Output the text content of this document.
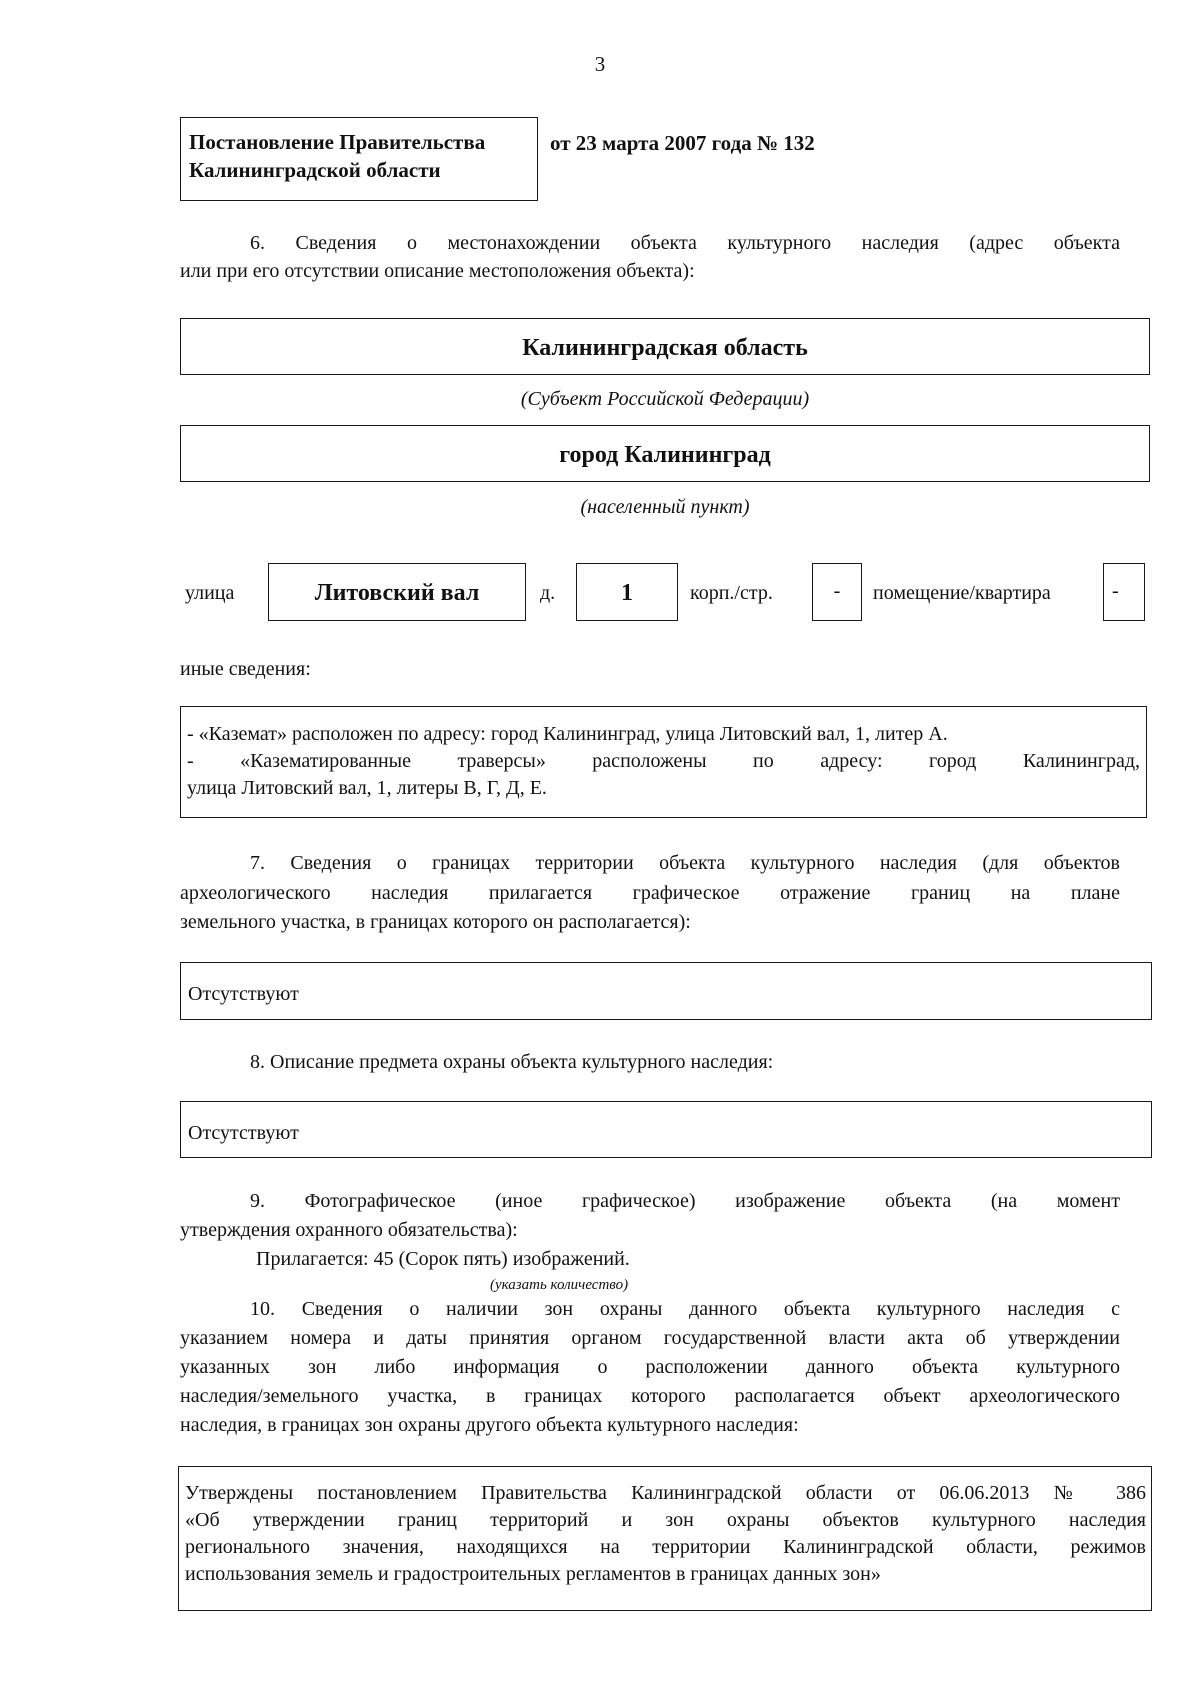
3
Постановление Правительства
Калининградской области
от 23 марта 2007 года № 132
6. Сведения о местонахождении объекта культурного наследия (адрес объекта
или при его отсутствии описание местоположения объекта):
Калининградская область
(Субъект Российской Федерации)
город Калининград
(населенный пункт)
улица	Литовский вал	д.	1	корп./стр.	-	помещение/квартира	-
иные сведения:
- «Каземат» расположен по адресу: город Калининград, улица Литовский вал, 1, литер А.
- «Казематированные траверсы» расположены по адресу: город Калининград,
улица Литовский вал, 1, литеры В, Г, Д, Е.
7. Сведения о границах территории объекта культурного наследия (для объектов
археологического наследия прилагается графическое отражение границ на плане
земельного участка, в границах которого он располагается):
Отсутствуют
8. Описание предмета охраны объекта культурного наследия:
Отсутствуют
9. Фотографическое (иное графическое) изображение объекта (на момент
утверждения охранного обязательства):
Прилагается: 45 (Сорок пять) изображений.
(указать количество)
10. Сведения о наличии зон охраны данного объекта культурного наследия с
указанием номера и даты принятия органом государственной власти акта об утверждении
указанных зон либо информация о расположении данного объекта культурного
наследия/земельного участка, в границах которого располагается объект археологического
наследия, в границах зон охраны другого объекта культурного наследия:
Утверждены постановлением Правительства Калининградской области от 06.06.2013 № 386
«Об утверждении границ территорий и зон охраны объектов культурного наследия
регионального значения, находящихся на территории Калининградской области, режимов
использования земель и градостроительных регламентов в границах данных зон»
